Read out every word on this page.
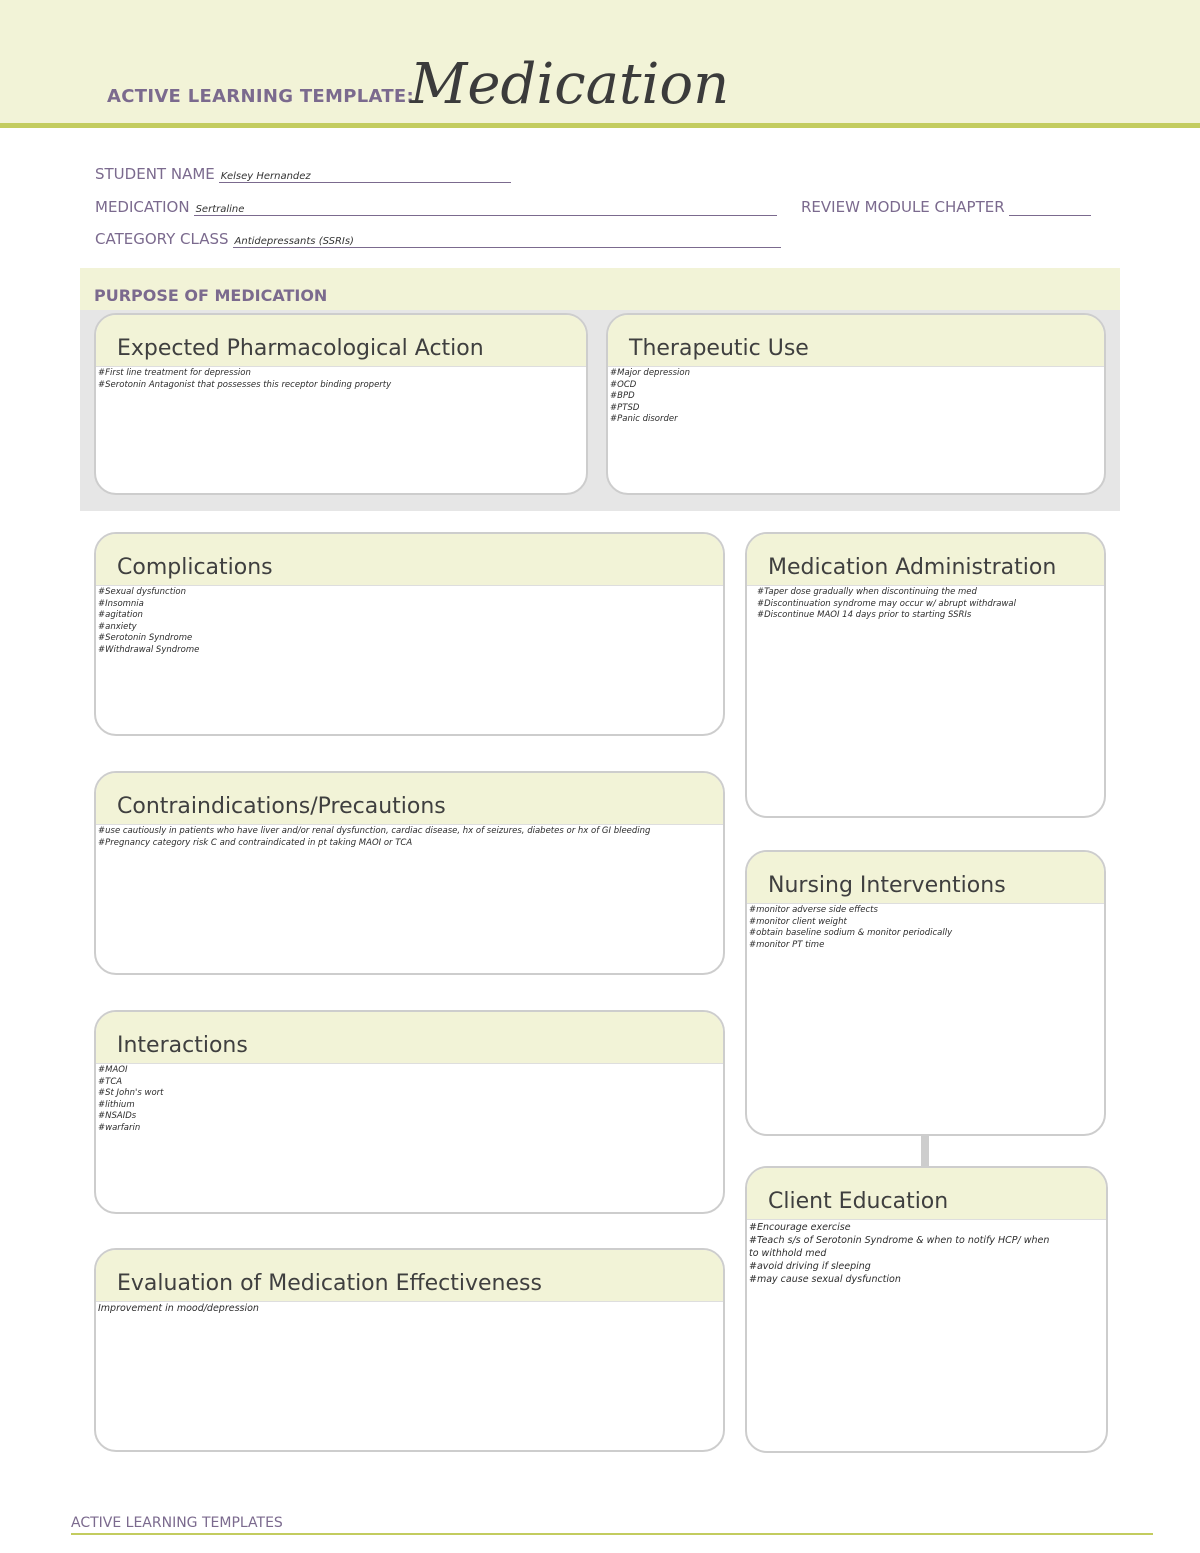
ACTIVE LEARNING TEMPLATE:
Medication
STUDENT NAME Kelsey Hernandez
MEDICATION Sertraline	REVIEW MODULE CHAPTER
CATEGORY CLASS Antidepressants (SSRIs)
PURPOSE OF MEDICATION
Expected Pharmacological Action
#First line treatment for depression
#Serotonin Antagonist that possesses this receptor binding property
Therapeutic Use
#Major depression
#OCD
#BPD
#PTSD
#Panic disorder
Complications
#Sexual dysfunction
#Insomnia
#agitation
#anxiety
#Serotonin Syndrome
#Withdrawal Syndrome
Medication Administration
#Taper dose gradually when discontinuing the med
#Discontinuation syndrome may occur w/ abrupt withdrawal
#Discontinue MAOI 14 days prior to starting SSRIs
Contraindications/Precautions
#use cautiously in patients who have liver and/or renal dysfunction, cardiac disease, hx of seizures, diabetes or hx of GI bleeding
#Pregnancy category risk C and contraindicated in pt taking MAOI or TCA
Nursing Interventions
#monitor adverse side effects
#monitor client weight
#obtain baseline sodium & monitor periodically
#monitor PT time
Interactions
#MAOI
#TCA
#St John's wort
#lithium
#NSAIDs
#warfarin
Client Education
#Encourage exercise
#Teach s/s of Serotonin Syndrome & when to notify HCP/ when
to withhold med
#avoid driving if sleeping
#may cause sexual dysfunction
Evaluation of Medication Effectiveness
Improvement in mood/depression
ACTIVE LEARNING TEMPLATES
